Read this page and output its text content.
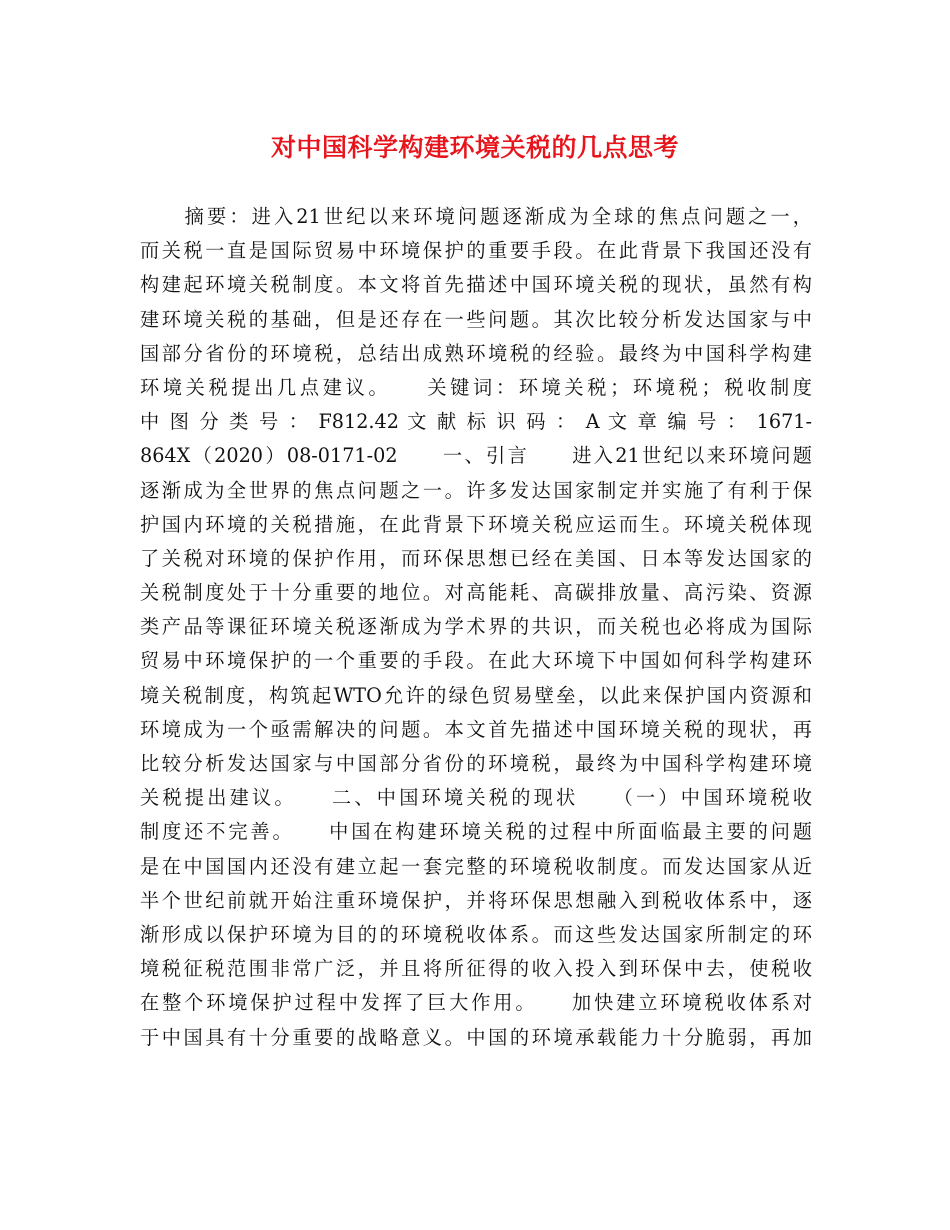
对中国科学构建环境关税的几点思考
　　摘要：进入21世纪以来环境问题逐渐成为全球的焦点问题之一，
而关税一直是国际贸易中环境保护的重要手段。在此背景下我国还没有
构建起环境关税制度。本文将首先描述中国环境关税的现状，虽然有构
建环境关税的基础，但是还存在一些问题。其次比较分析发达国家与中
国部分省份的环境税，总结出成熟环境税的经验。最终为中国科学构建
环境关税提出几点建议。　　关键词：环境关税；环境税；税收制度
中 图 分 类 号 ： F812.42 文 献 标 识 码 ： A 文 章 编 号 ： 1671-
864X（2020）08-0171-02　　一、引言　　进入21世纪以来环境问题
逐渐成为全世界的焦点问题之一。许多发达国家制定并实施了有利于保
护国内环境的关税措施，在此背景下环境关税应运而生。环境关税体现
了关税对环境的保护作用，而环保思想已经在美国、日本等发达国家的
关税制度处于十分重要的地位。对高能耗、高碳排放量、高污染、资源
类产品等课征环境关税逐渐成为学术界的共识，而关税也必将成为国际
贸易中环境保护的一个重要的手段。在此大环境下中国如何科学构建环
境关税制度，构筑起WTO允许的绿色贸易壁垒，以此来保护国内资源和
环境成为一个亟需解决的问题。本文首先描述中国环境关税的现状，再
比较分析发达国家与中国部分省份的环境税，最终为中国科学构建环境
关税提出建议。　　二、中国环境关税的现状　　（一）中国环境税收
制度还不完善。　　中国在构建环境关税的过程中所面临最主要的问题
是在中国国内还没有建立起一套完整的环境税收制度。而发达国家从近
半个世纪前就开始注重环境保护，并将环保思想融入到税收体系中，逐
渐形成以保护环境为目的的环境税收体系。而这些发达国家所制定的环
境税征税范围非常广泛，并且将所征得的收入投入到环保中去，使税收
在整个环境保护过程中发挥了巨大作用。　　加快建立环境税收体系对
于中国具有十分重要的战略意义。中国的环境承载能力十分脆弱，再加
